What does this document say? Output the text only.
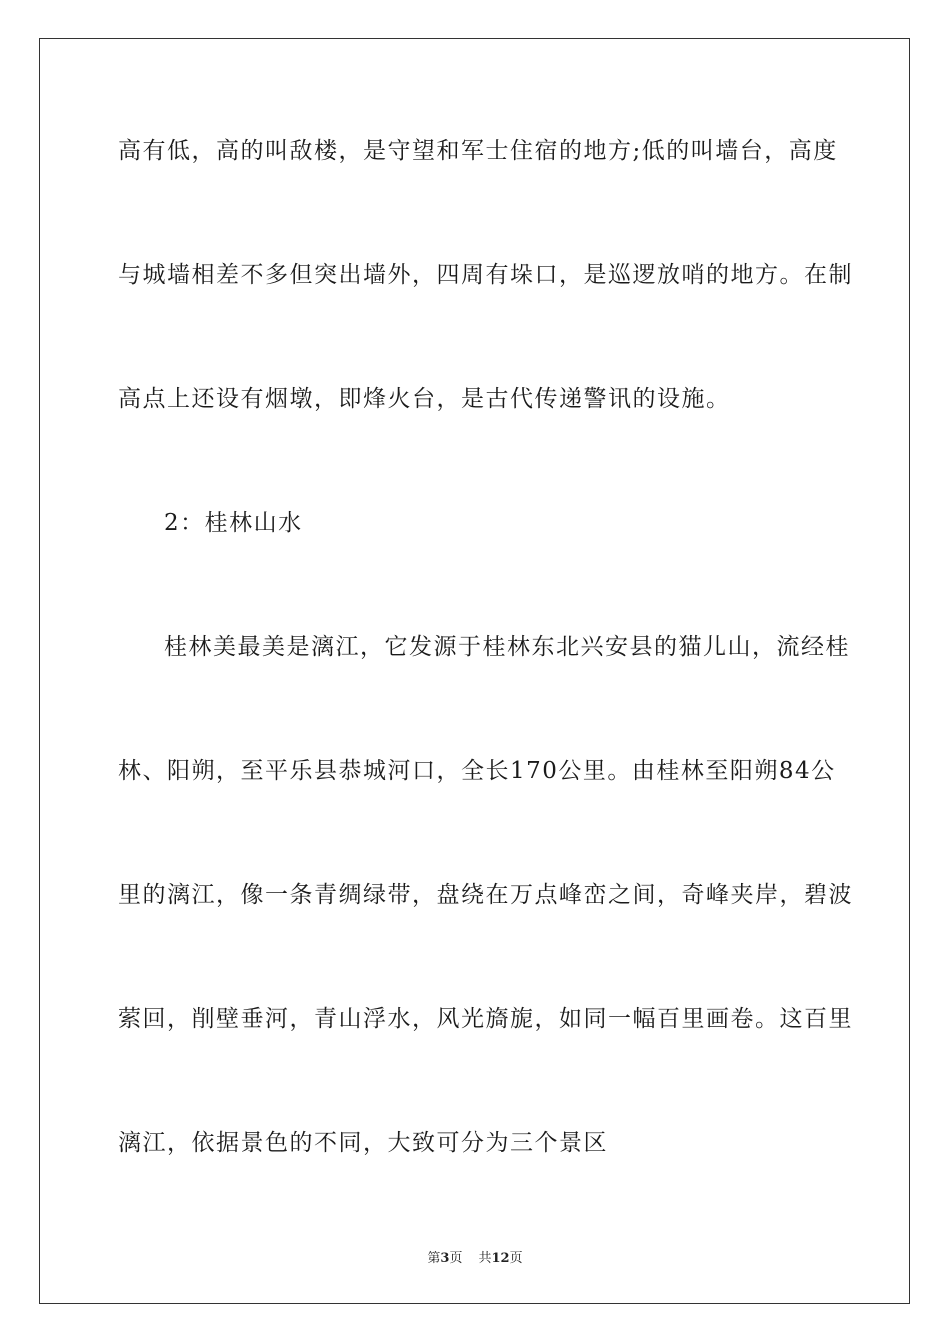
高有低，高的叫敌楼，是守望和军士住宿的地方;低的叫墙台，高度
与城墙相差不多但突出墙外，四周有垛口，是巡逻放哨的地方。在制
高点上还设有烟墩，即烽火台，是古代传递警讯的设施。
2：桂林山水
桂林美最美是漓江，它发源于桂林东北兴安县的猫儿山，流经桂
林、阳朔，至平乐县恭城河口，全长170公里。由桂林至阳朔84公
里的漓江，像一条青绸绿带，盘绕在万点峰峦之间，奇峰夹岸，碧波
萦回，削壁垂河，青山浮水，风光旖旎，如同一幅百里画卷。这百里
漓江，依据景色的不同，大致可分为三个景区
第3页 共12页
